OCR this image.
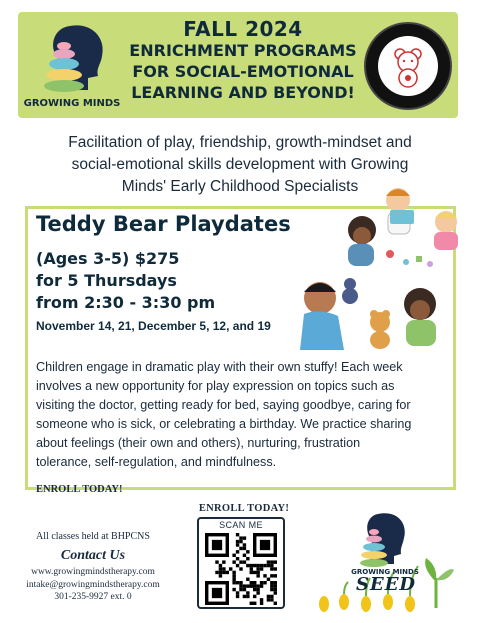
GROWING MINDS
FALL 2024
ENRICHMENT PROGRAMS
FOR SOCIAL-EMOTIONAL
LEARNING AND BEYOND!
Facilitation of play, friendship, growth-mindset and
social-emotional skills development with Growing
Minds' Early Childhood Specialists
Teddy Bear Playdates
(Ages 3-5) $275
for 5 Thursdays
from 2:30 - 3:30 pm
November 14, 21, December 5, 12, and 19
Children engage in dramatic play with their own stuffy! Each week
involves a new opportunity for play expression on topics such as
visiting the doctor, getting ready for bed, saying goodbye, caring for
someone who is sick, or celebrating a birthday. We practice sharing
about feelings (their own and others), nurturing, frustration
tolerance, self-regulation, and mindfulness.
ENROLL TODAY!
All classes held at BHPCNS
Contact Us
www.growingmindstherapy.com
intake@growingmindstherapy.com
301-235-9927 ext. 0
ENROLL TODAY!
SCAN ME
GROWING MINDS
SEED
